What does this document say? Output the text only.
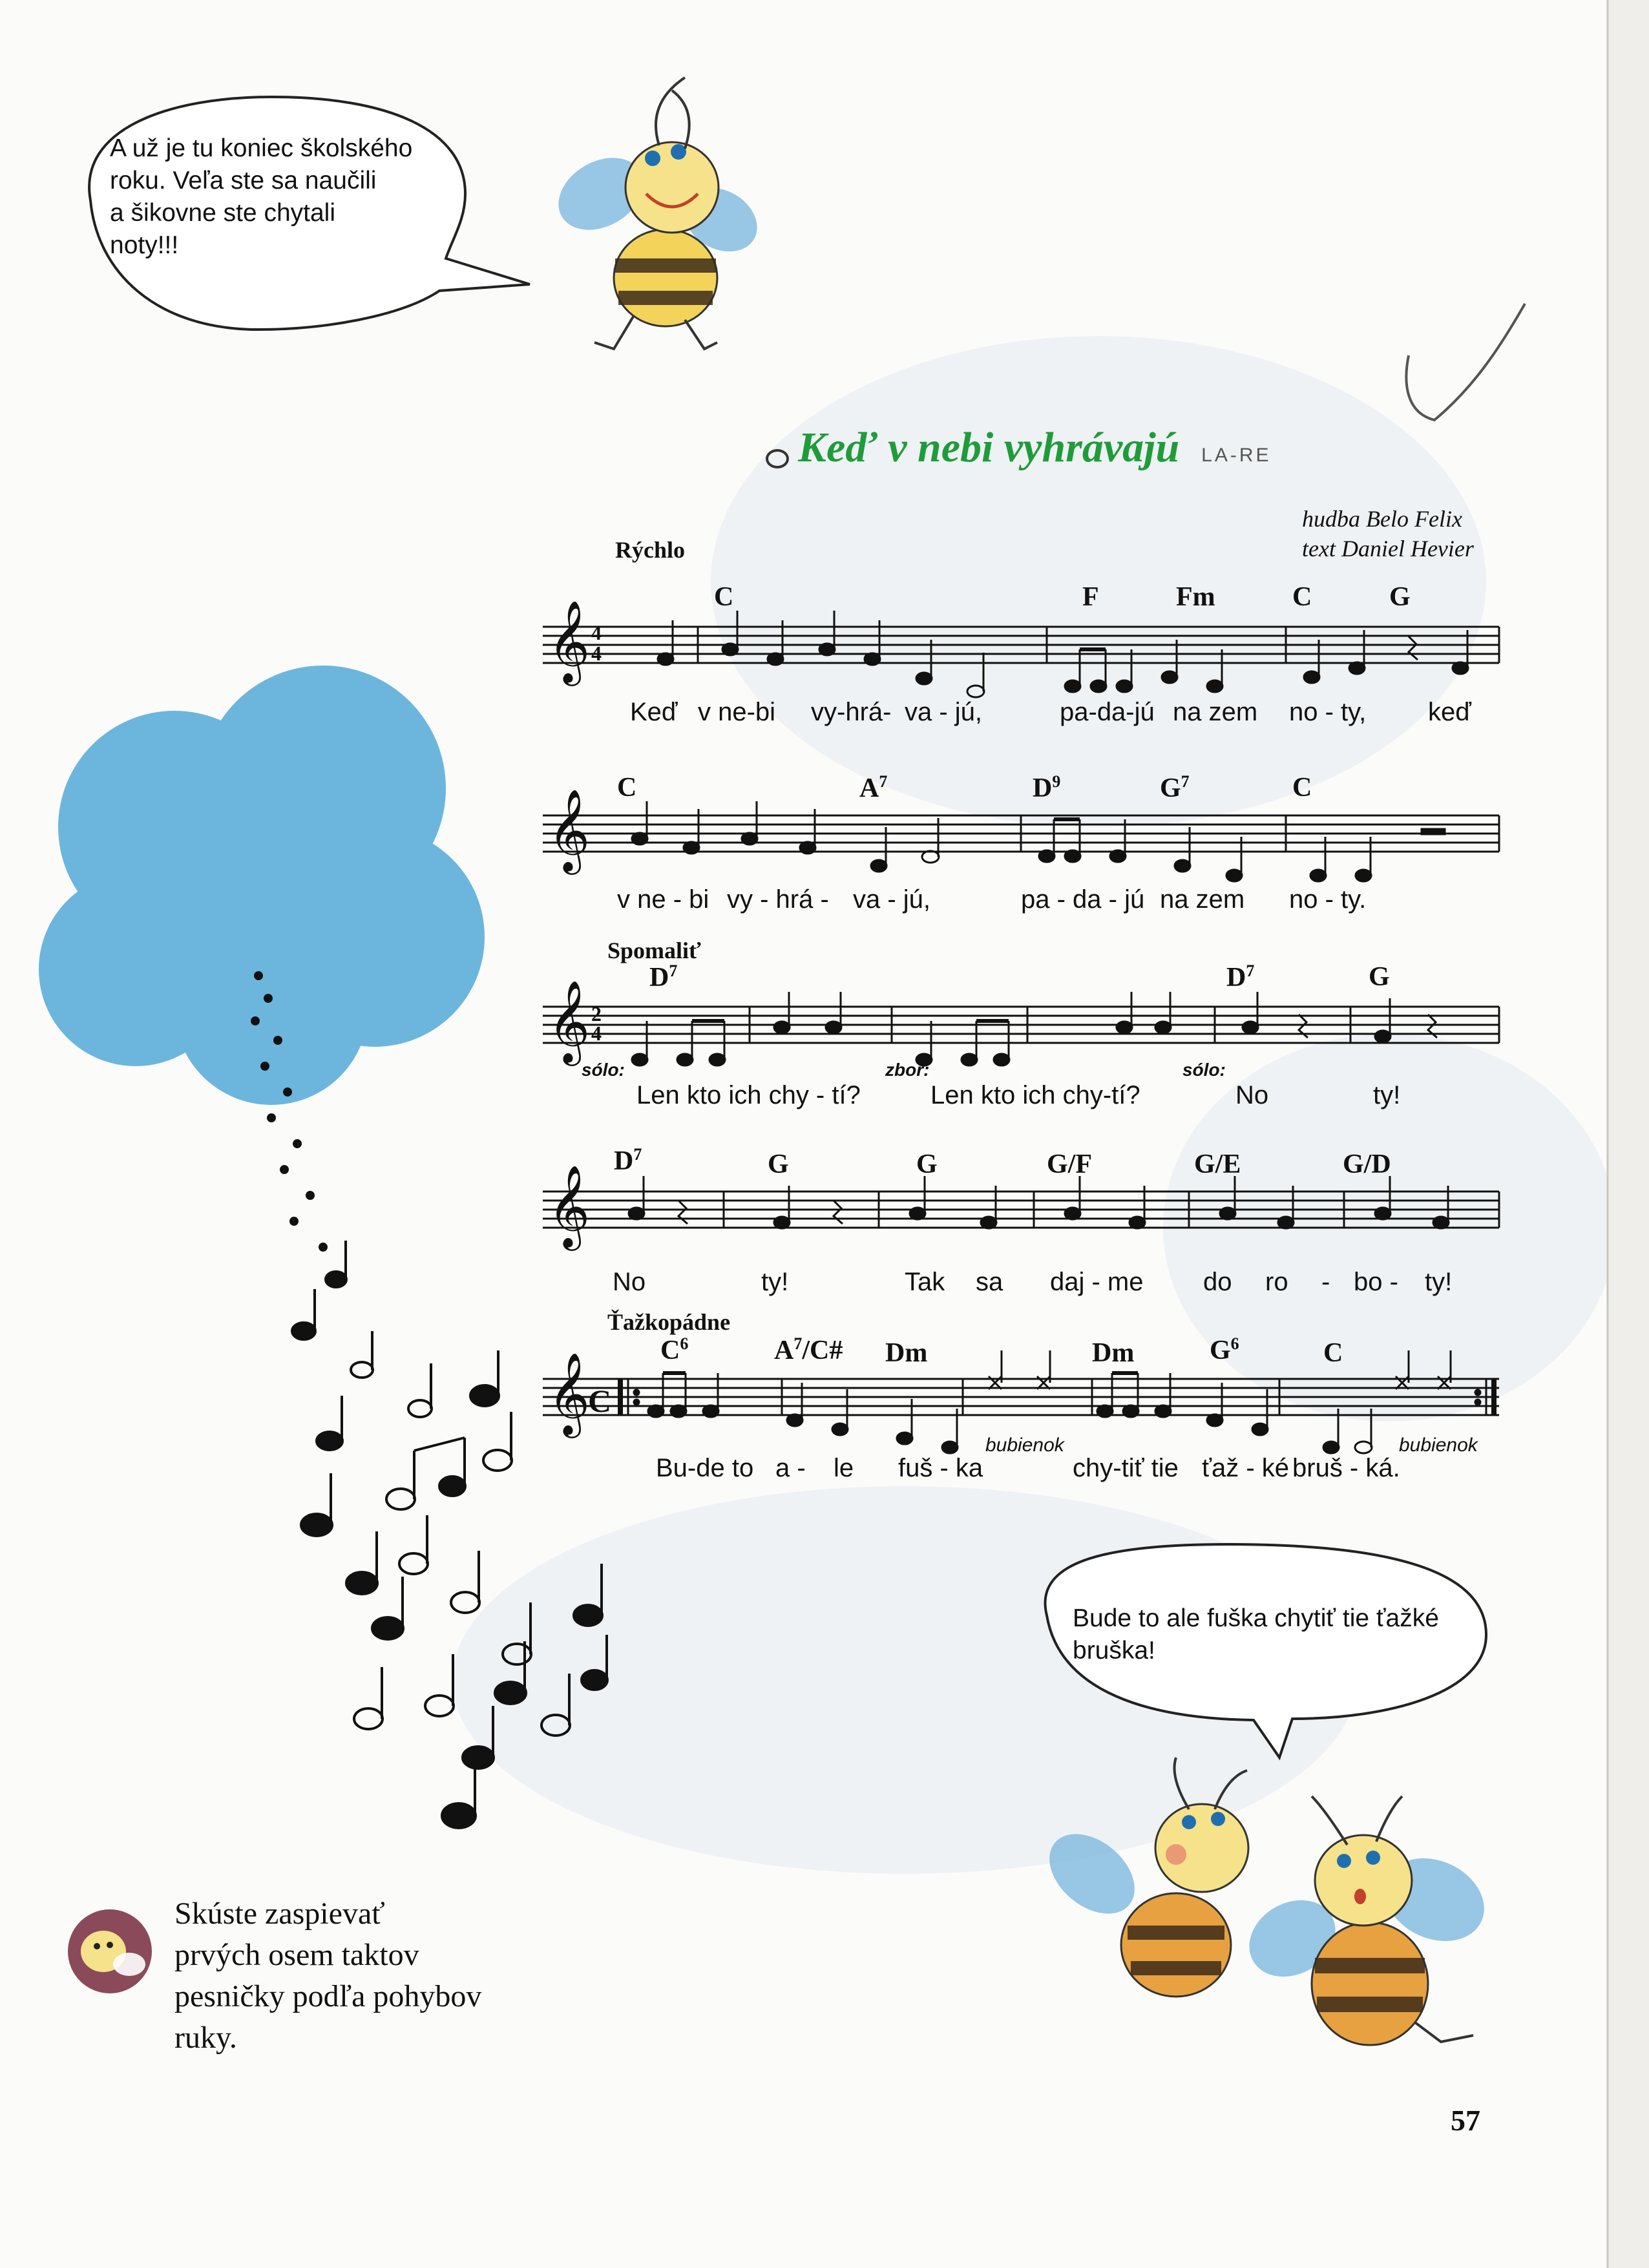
𝄞 4
4
𝄞
𝄞 2
4
𝄞
𝄞
C
A už je tu koniec školského
roku. Veľa ste sa naučili
a šikovne ste chytali
noty!!!
Keď v nebi vyhrávajú LA-RE
hudba Belo Felix
text Daniel Hevier
Rýchlo
C	F	Fm	C	G
Keď v ne-bi vy-hrá- va - jú,	pa-da-jú na zem no - ty, keď
C	$A^7$	$D^9$	$G^7$	C
v ne - bi vy - hrá - va - jú,	pa - da - jú na zem no - ty.
Spomaliť
$D^7$	$D^7$	G
sólo:	zbor:	sólo:
Len kto ich chy - tí?	Len kto ich chy-tí?	No	ty!
$D^7$	G	G	G/F	G/E	G/D
No	ty!	Tak sa daj - me do ro - bo - ty!
Ťažkopádne
$C^6$	$A^7/C\#$ Dm	Dm	$G^6$	C
bubienok	bubienok
Bu-de to a - le fuš - ka	chy-tiť tie ťaž - ké bruš - ká.
Bude to ale fuška chytiť tie ťažké
bruška!
Skúste zaspievať
prvých osem taktov
pesničky podľa pohybov
ruky.
57
